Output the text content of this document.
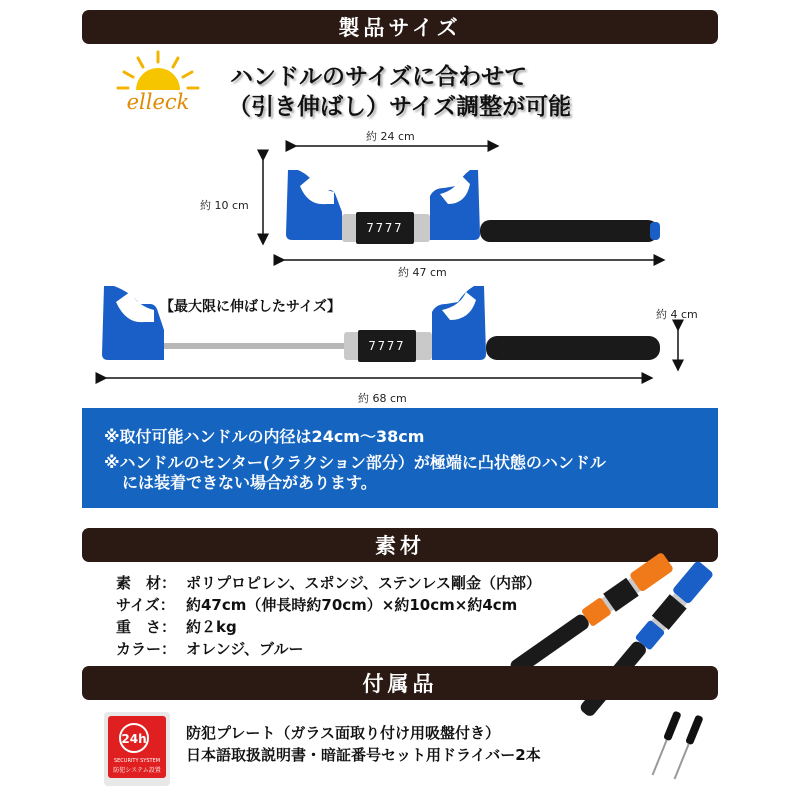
製品サイズ
elleck
ハンドルのサイズに合わせて
（引き伸ばし）サイズ調整が可能
7777
7777
約 24 cm
約 10 cm
約 47 cm
【最大限に伸ばしたサイズ】	約 4 cm
約 68 cm
※取付可能ハンドルの内径は24cm〜38cm
※ハンドルのセンター(クラクション部分）が極端に凸状態のハンドル
には装着できない場合があります。
素材
素　材： ポリプロピレン、スポンジ、ステンレス剛金（内部）
サイズ： 約47cm（伸長時約70cm）×約10cm×約4cm
重　さ： 約２kg
カラー： オレンジ、ブルー
付属品
24h
SECURITY SYSTEM
防犯システム設置
防犯プレート（ガラス面取り付け用吸盤付き）
日本語取扱説明書・暗証番号セット用ドライバー2本
